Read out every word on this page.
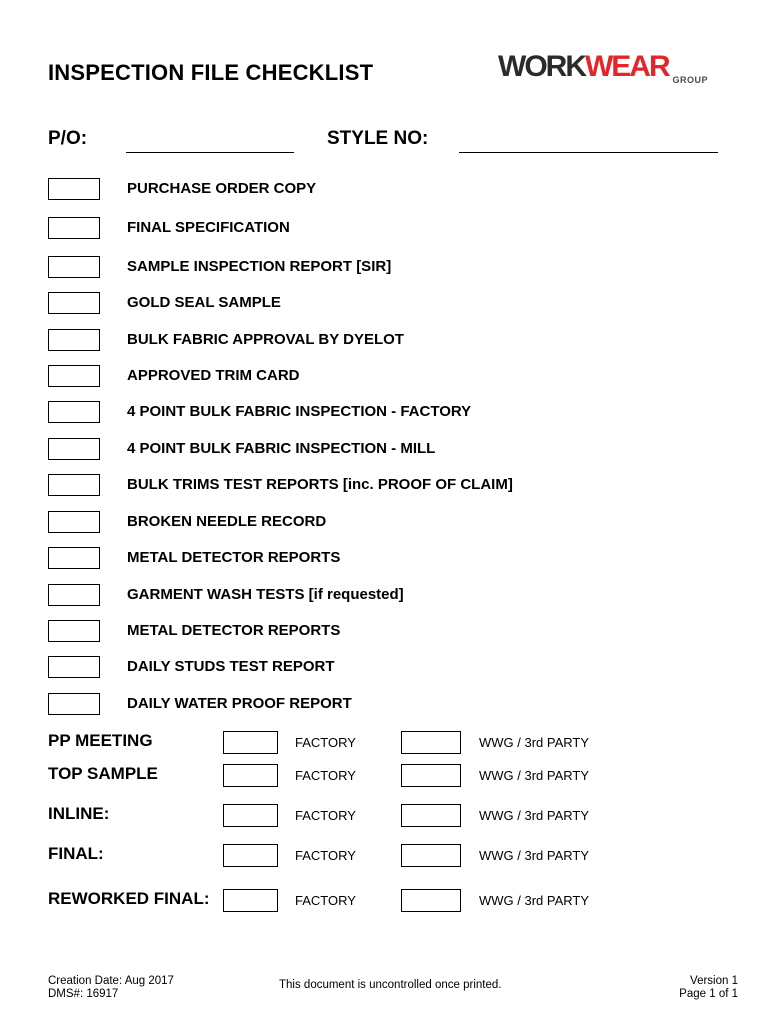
INSPECTION FILE CHECKLIST	WORKWEAR GROUP
P/O:	STYLE NO:
PURCHASE ORDER COPY
FINAL SPECIFICATION
SAMPLE INSPECTION REPORT [SIR]
GOLD SEAL SAMPLE
BULK FABRIC APPROVAL BY DYELOT
APPROVED TRIM CARD
4 POINT BULK FABRIC INSPECTION - FACTORY
4 POINT BULK FABRIC INSPECTION - MILL
BULK TRIMS TEST REPORTS [inc. PROOF OF CLAIM]
BROKEN NEEDLE RECORD
METAL DETECTOR REPORTS
GARMENT WASH TESTS [if requested]
METAL DETECTOR REPORTS
DAILY STUDS TEST REPORT
DAILY WATER PROOF REPORT
PP MEETING	FACTORY	WWG / 3rd PARTY
TOP SAMPLE	FACTORY	WWG / 3rd PARTY
INLINE:	FACTORY	WWG / 3rd PARTY
FINAL:	FACTORY	WWG / 3rd PARTY
REWORKED FINAL:	FACTORY	WWG / 3rd PARTY
Creation Date: Aug 2017
DMS#: 16917
This document is uncontrolled once printed.	Version 1
Page 1 of 1
